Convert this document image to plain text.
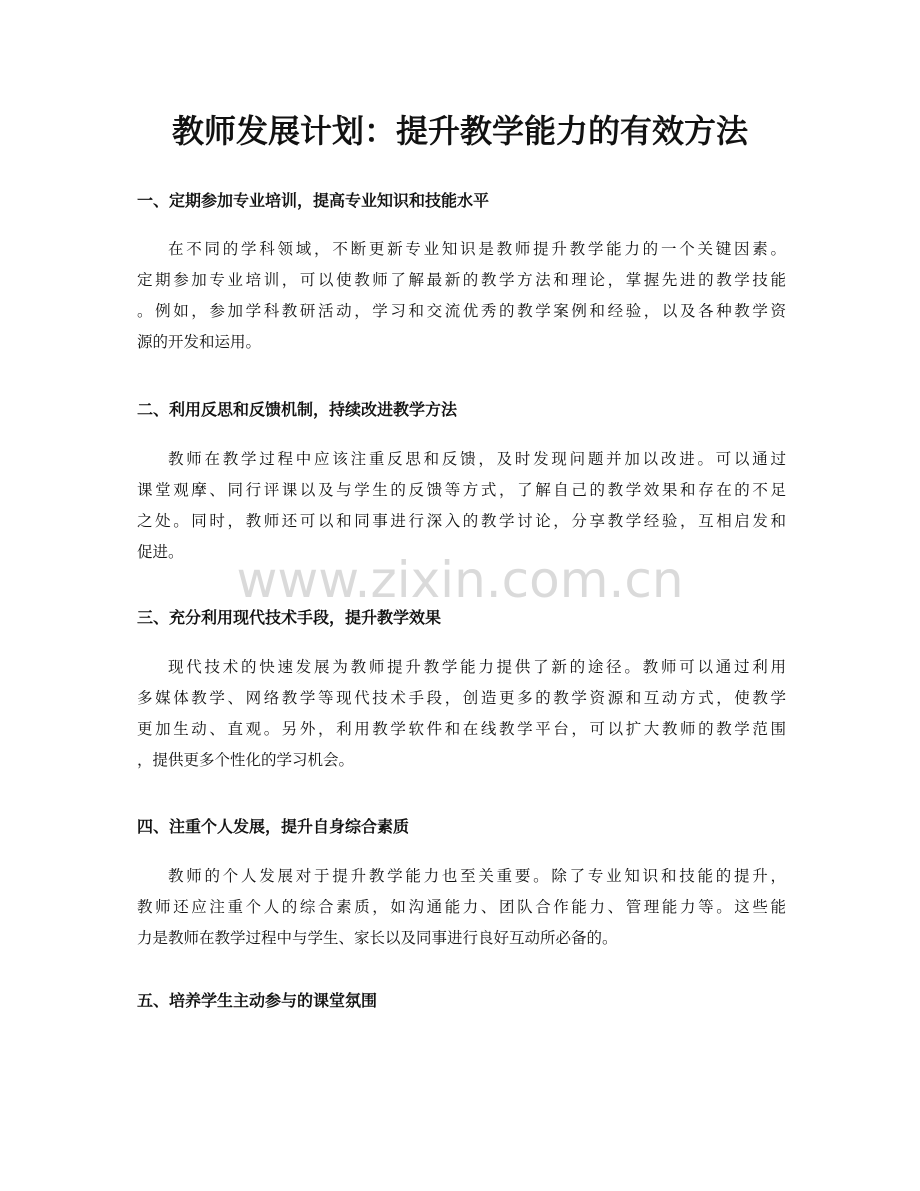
教师发展计划：提升教学能力的有效方法
一、定期参加专业培训，提高专业知识和技能水平
在不同的学科领域，不断更新专业知识是教师提升教学能力的一个关键因素。
定期参加专业培训，可以使教师了解最新的教学方法和理论，掌握先进的教学技能
。例如，参加学科教研活动，学习和交流优秀的教学案例和经验，以及各种教学资
源的开发和运用。
二、利用反思和反馈机制，持续改进教学方法
教师在教学过程中应该注重反思和反馈，及时发现问题并加以改进。可以通过
课堂观摩、同行评课以及与学生的反馈等方式，了解自己的教学效果和存在的不足
之处。同时，教师还可以和同事进行深入的教学讨论，分享教学经验，互相启发和
促进。
三、充分利用现代技术手段，提升教学效果
现代技术的快速发展为教师提升教学能力提供了新的途径。教师可以通过利用
多媒体教学、网络教学等现代技术手段，创造更多的教学资源和互动方式，使教学
更加生动、直观。另外，利用教学软件和在线教学平台，可以扩大教师的教学范围
，提供更多个性化的学习机会。
四、注重个人发展，提升自身综合素质
教师的个人发展对于提升教学能力也至关重要。除了专业知识和技能的提升，
教师还应注重个人的综合素质，如沟通能力、团队合作能力、管理能力等。这些能
力是教师在教学过程中与学生、家长以及同事进行良好互动所必备的。
五、培养学生主动参与的课堂氛围
www.zixin.com.cn
